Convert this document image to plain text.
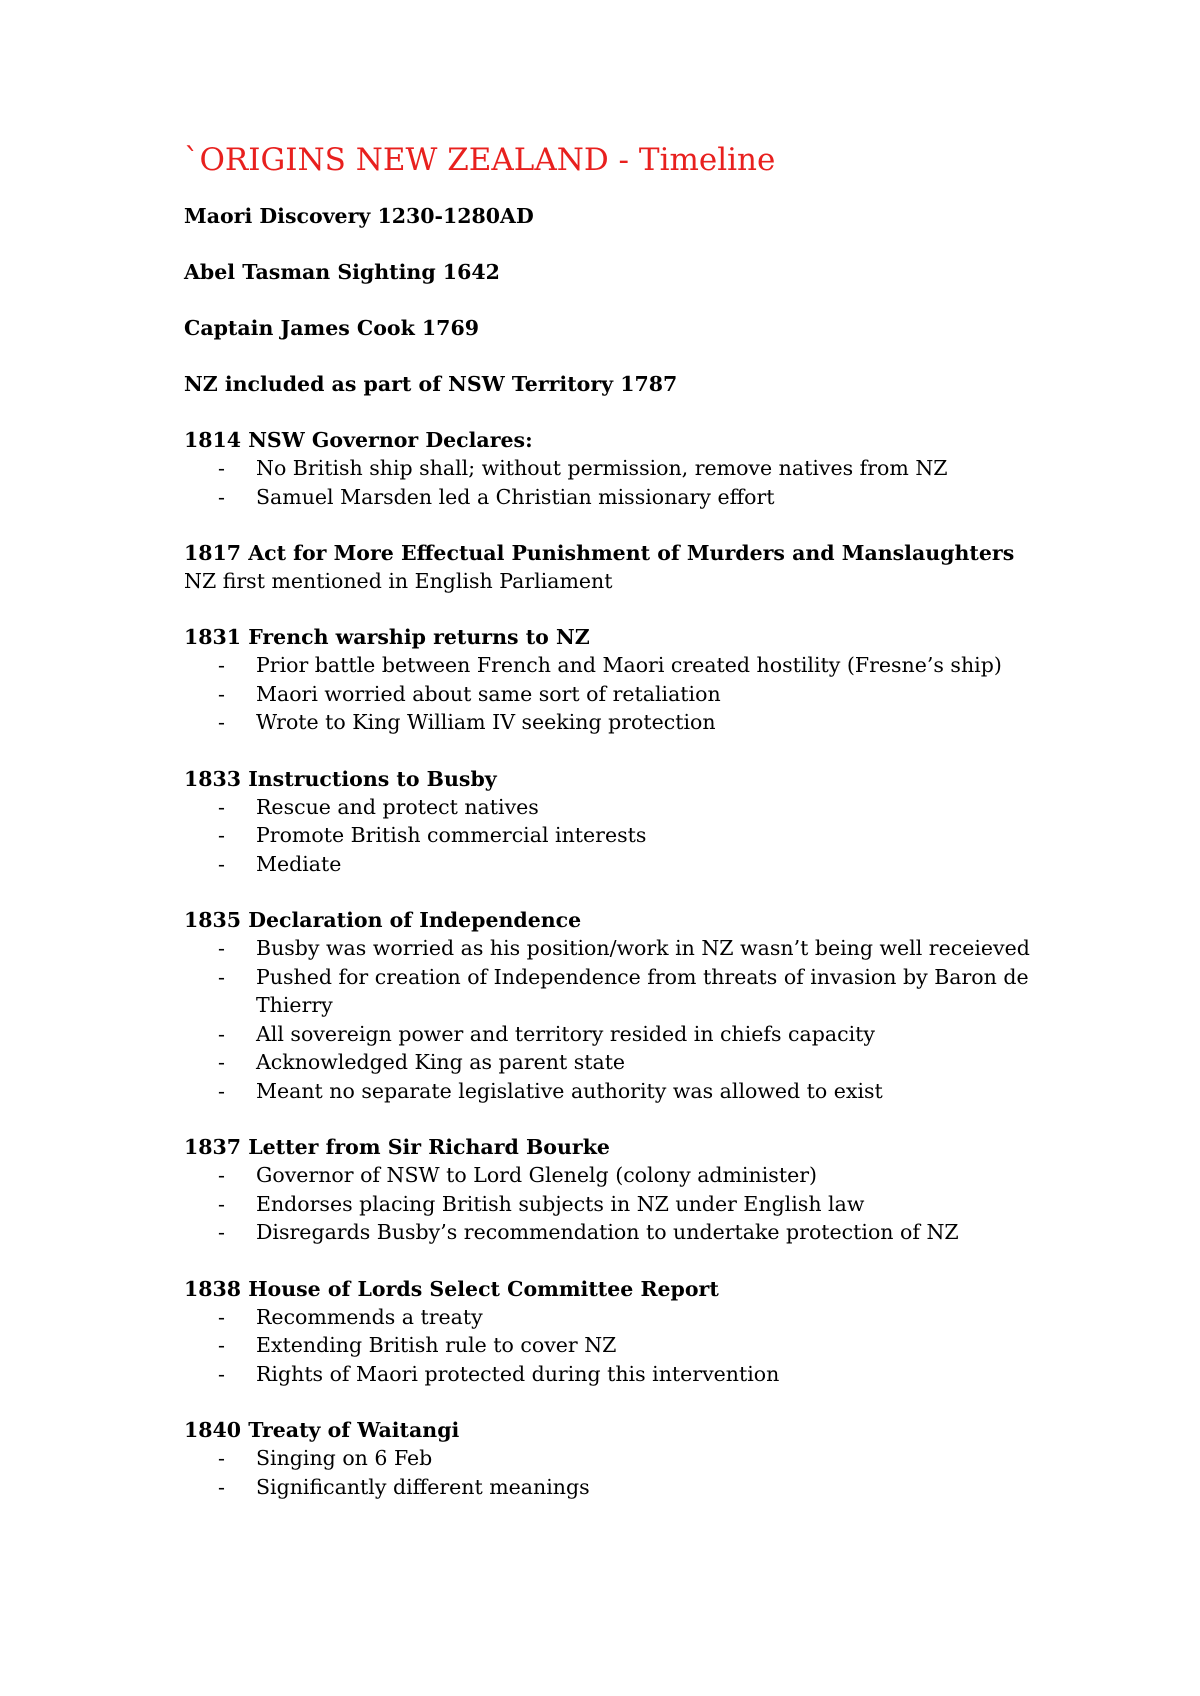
`ORIGINS NEW ZEALAND - Timeline
Maori Discovery 1230-1280AD
Abel Tasman Sighting 1642
Captain James Cook 1769
NZ included as part of NSW Territory 1787
1814 NSW Governor Declares:
- No British ship shall; without permission, remove natives from NZ
- Samuel Marsden led a Christian missionary effort
1817 Act for More Effectual Punishment of Murders and Manslaughters
NZ first mentioned in English Parliament
1831 French warship returns to NZ
- Prior battle between French and Maori created hostility (Fresne’s ship)
- Maori worried about same sort of retaliation
- Wrote to King William IV seeking protection
1833 Instructions to Busby
- Rescue and protect natives
- Promote British commercial interests
- Mediate
1835 Declaration of Independence
- Busby was worried as his position/work in NZ wasn’t being well receieved
- Pushed for creation of Independence from threats of invasion by Baron de Thierry
- All sovereign power and territory resided in chiefs capacity
- Acknowledged King as parent state
- Meant no separate legislative authority was allowed to exist
1837 Letter from Sir Richard Bourke
- Governor of NSW to Lord Glenelg (colony administer)
- Endorses placing British subjects in NZ under English law
- Disregards Busby’s recommendation to undertake protection of NZ
1838 House of Lords Select Committee Report
- Recommends a treaty
- Extending British rule to cover NZ
- Rights of Maori protected during this intervention
1840 Treaty of Waitangi
- Singing on 6 Feb
- Significantly different meanings
